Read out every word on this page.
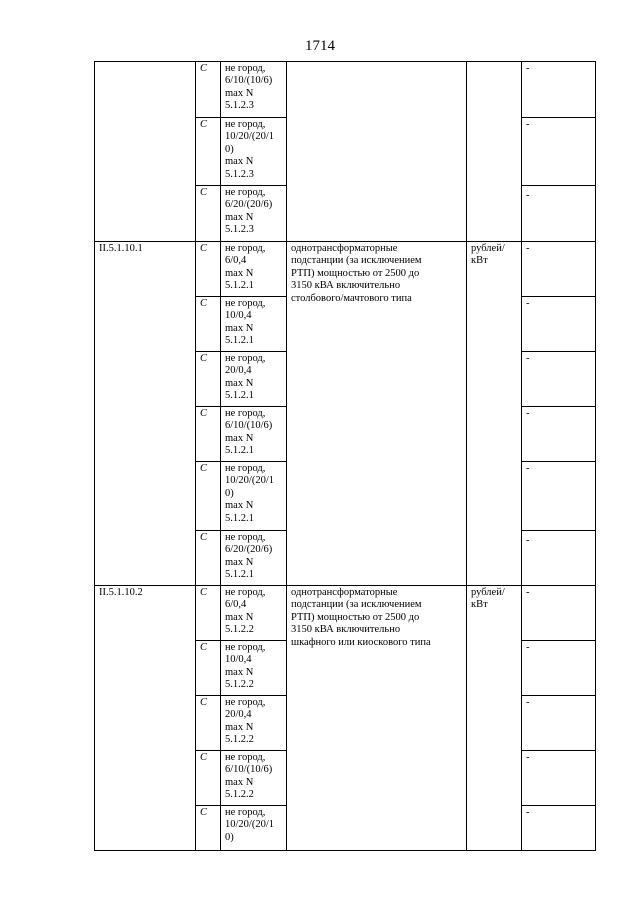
1714
	С	не город,
6/10/(10/6)
max N
5.1.2.3			-
	С	не город,
10/20/(20/1
0)
max N
5.1.2.3			-
	С	не город,
6/20/(20/6)
max N
5.1.2.3			-
II.5.1.10.1	С	не город,
6/0,4
max N
5.1.2.1	однотрансформаторные
подстанции (за исключением
РТП) мощностью от 2500 до
3150 кВА включительно
столбового/мачтового типа	рублей/
кВт	-
	С	не город,
10/0,4
max N
5.1.2.1			-
	С	не город,
20/0,4
max N
5.1.2.1			-
	С	не город,
6/10/(10/6)
max N
5.1.2.1			-
	С	не город,
10/20/(20/1
0)
max N
5.1.2.1			-
	С	не город,
6/20/(20/6)
max N
5.1.2.1			-
II.5.1.10.2	С	не город,
6/0,4
max N
5.1.2.2	однотрансформаторные
подстанции (за исключением
РТП) мощностью от 2500 до
3150 кВА включительно
шкафного или киоскового типа	рублей/
кВт	-
	С	не город,
10/0,4
max N
5.1.2.2			-
	С	не город,
20/0,4
max N
5.1.2.2			-
	С	не город,
6/10/(10/6)
max N
5.1.2.2			-
	С	не город,
10/20/(20/1
0)			-
